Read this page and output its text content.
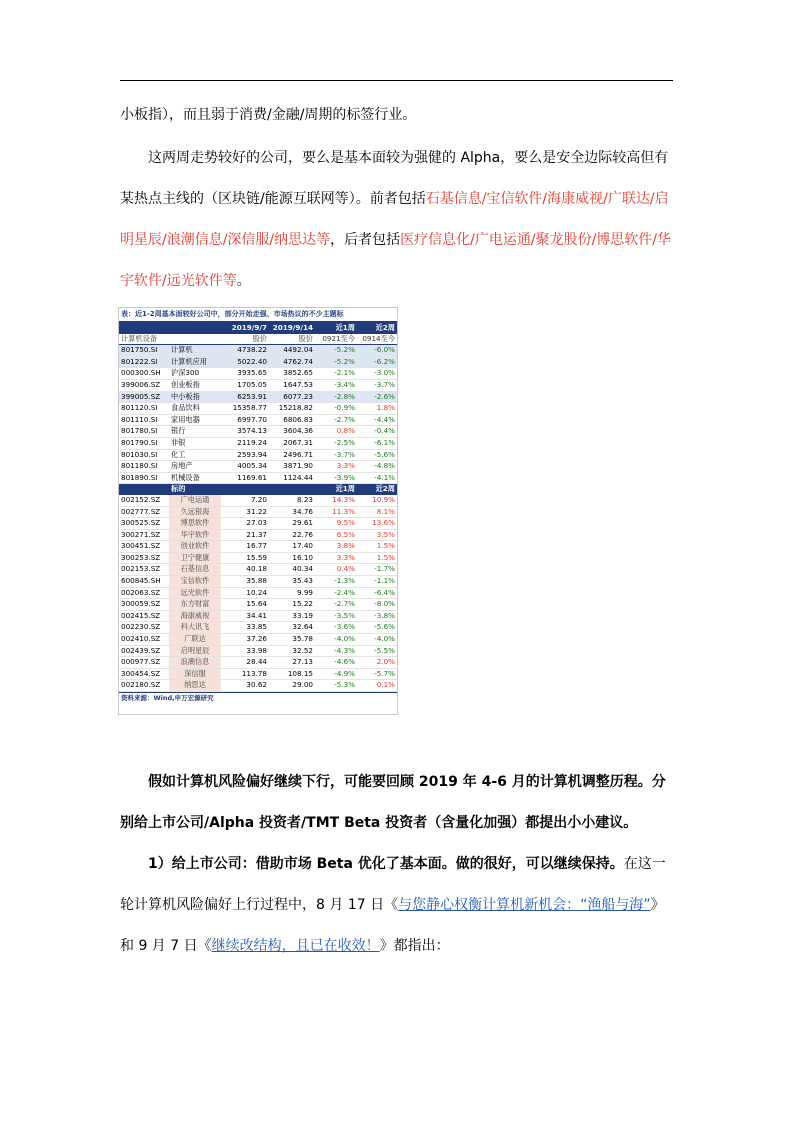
小板指），而且弱于消费/金融/周期的标签行业。

这两周走势较好的公司，要么是基本面较为强健的 Alpha，要么是安全边际较高但有某热点主线的（区块链/能源互联网等）。前者包括石基信息/宝信软件/海康威视/广联达/启明星辰/浪潮信息/深信服/纳思达等，后者包括医疗信息化/广电运通/聚龙股份/博思软件/华宇软件/远光软件等。

表：近1-2周基本面较好公司中，部分开始走强、市场热议的不少主题标
		2019/9/7	2019/9/14	近1周	近2周
计算机设备		股价	股价	0921至今	0914至今
801750.SI	计算机	4738.22	4492.04	-5.2%	-6.0%
801222.SI	计算机应用	5022.40	4762.74	-5.2%	-6.2%
000300.SH	沪深300	3935.65	3852.65	-2.1%	-3.0%
399006.SZ	创业板指	1705.05	1647.53	-3.4%	-3.7%
399005.SZ	中小板指	6253.91	6077.23	-2.8%	-2.6%
801120.SI	食品饮料	15358.77	15218.82	-0.9%	1.8%
801110.SI	家用电器	6997.70	6806.83	-2.7%	-4.4%
801780.SI	银行	3574.13	3604.36	0.8%	-0.4%
801790.SI	非银	2119.24	2067.31	-2.5%	-6.1%
801030.SI	化工	2593.94	2496.71	-3.7%	-5.6%
801180.SI	房地产	4005.34	3871.90	3.3%	-4.8%
801890.SI	机械设备	1169.61	1124.44	-3.9%	-4.1%
	标的			近1周	近2周
002152.SZ	广电运通	7.20	8.23	14.3%	10.9%
002777.SZ	久远银海	31.22	34.76	11.3%	8.1%
300525.SZ	博思软件	27.03	29.61	9.5%	13.6%
300271.SZ	华宇软件	21.37	22.76	6.5%	3.5%
300451.SZ	创业软件	16.77	17.40	3.8%	1.5%
300253.SZ	卫宁健康	15.59	16.10	3.3%	1.5%
002153.SZ	石基信息	40.18	40.34	0.4%	-1.7%
600845.SH	宝信软件	35.88	35.43	-1.3%	-1.1%
002063.SZ	远光软件	10.24	9.99	-2.4%	-6.4%
300059.SZ	东方财富	15.64	15.22	-2.7%	-8.0%
002415.SZ	海康威视	34.41	33.19	-3.5%	-3.8%
002230.SZ	科大讯飞	33.85	32.64	-3.6%	-5.6%
002410.SZ	广联达	37.26	35.78	-4.0%	-4.0%
002439.SZ	启明星辰	33.98	32.52	-4.3%	-5.5%
000977.SZ	浪潮信息	28.44	27.13	-4.6%	2.0%
300454.SZ	深信服	113.78	108.15	-4.9%	-5.7%
002180.SZ	纳思达	30.62	29.00	-5.3%	0.1%
资料来源：Wind,申万宏源研究

假如计算机风险偏好继续下行，可能要回顾 2019 年 4-6 月的计算机调整历程。分别给上市公司/Alpha 投资者/TMT Beta 投资者（含量化加强）都提出小小建议。

1）给上市公司：借助市场 Beta 优化了基本面。做的很好，可以继续保持。在这一轮计算机风险偏好上行过程中，8 月 17 日《与您静心权衡计算机新机会：“渔船与海”》和 9 月 7 日《继续改结构，且已在收效！》都指出：
